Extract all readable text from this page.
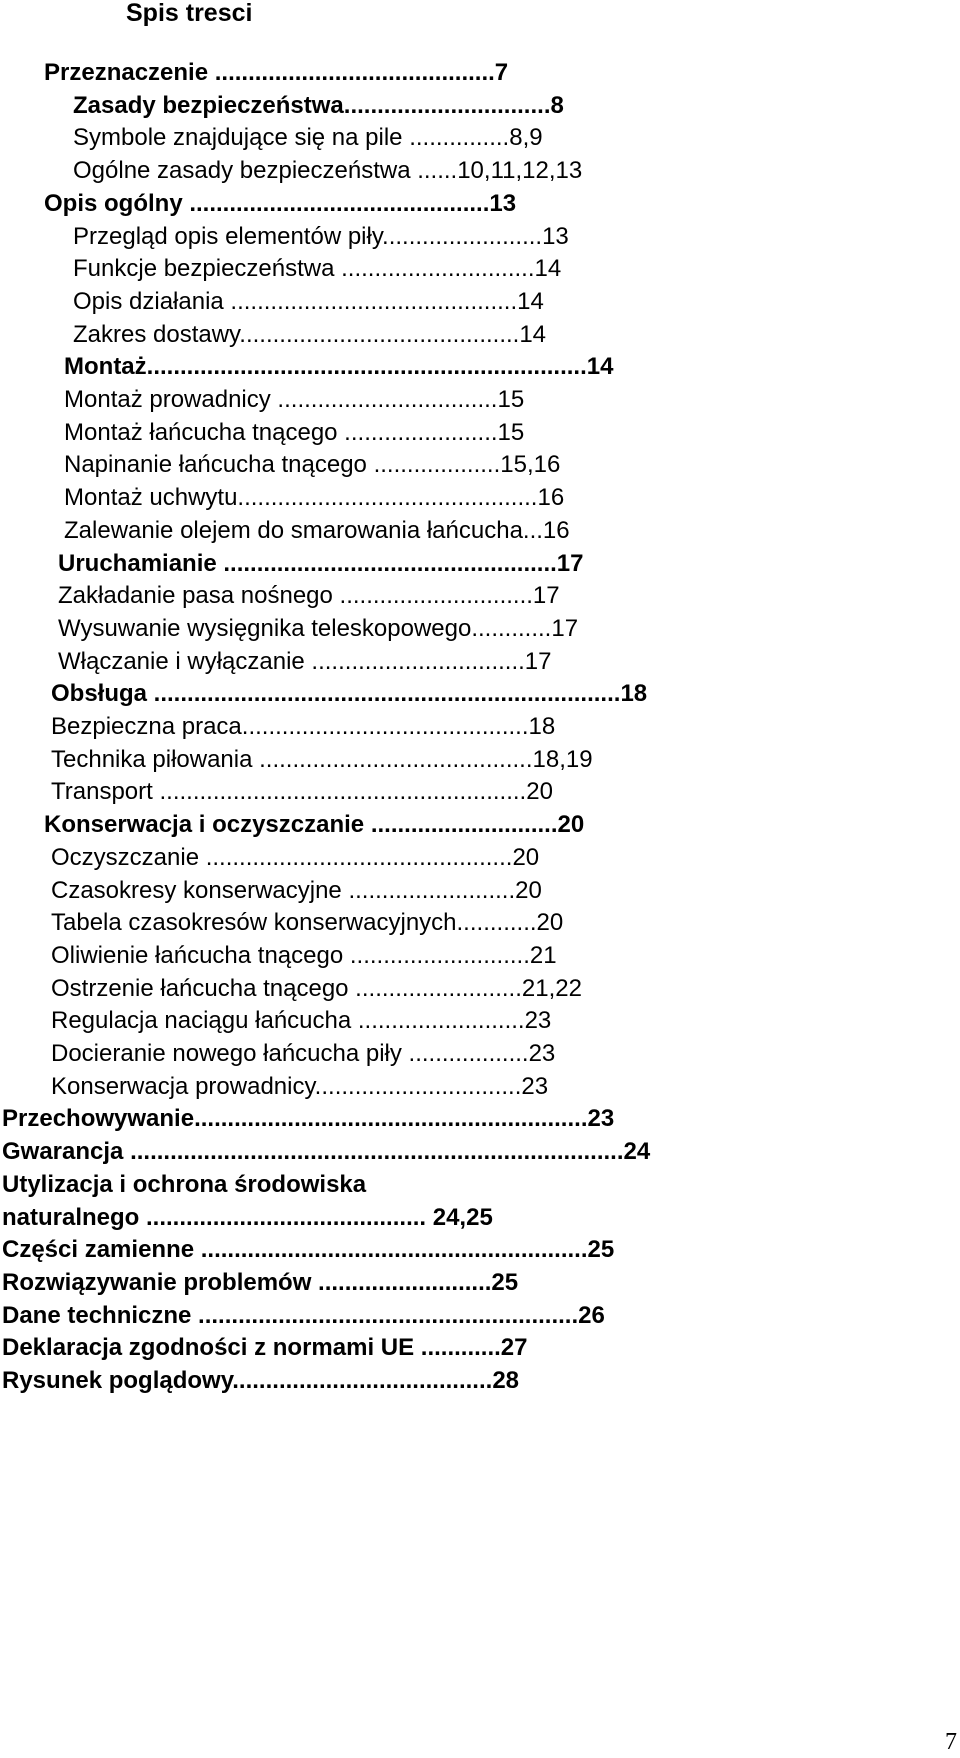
Spis tresci
Przeznaczenie ..........................................7
Zasady bezpieczeństwa...............................8
Symbole znajdujące się na pile ...............8,9
Ogólne zasady bezpieczeństwa ......10,11,12,13
Opis ogólny .............................................13
Przegląd opis elementów piły........................13
Funkcje bezpieczeństwa .............................14
Opis działania ...........................................14
Zakres dostawy..........................................14
Montaż..................................................................14
Montaż prowadnicy .................................15
Montaż łańcucha tnącego .......................15
Napinanie łańcucha tnącego ...................15,16
Montaż uchwytu.............................................16
Zalewanie olejem do smarowania łańcucha...16
Uruchamianie ..................................................17
Zakładanie pasa nośnego .............................17
Wysuwanie wysięgnika teleskopowego............17
Włączanie i wyłączanie ................................17
Obsługa ......................................................................18
Bezpieczna praca...........................................18
Technika piłowania .........................................18,19
Transport .......................................................20
Konserwacja i oczyszczanie ............................20
Oczyszczanie ..............................................20
Czasokresy konserwacyjne .........................20
Tabela czasokresów konserwacyjnych............20
Oliwienie łańcucha tnącego ...........................21
Ostrzenie łańcucha tnącego .........................21,22
Regulacja naciągu łańcucha .........................23
Docieranie nowego łańcucha piły ..................23
Konserwacja prowadnicy...............................23
Przechowywanie...........................................................23
Gwarancja ..........................................................................24
Utylizacja i ochrona środowiska
naturalnego .......................................... 24,25
Części zamienne ..........................................................25
Rozwiązywanie problemów ..........................25
Dane techniczne .........................................................26
Deklaracja zgodności z normami UE ............27
Rysunek poglądowy.......................................28
7
